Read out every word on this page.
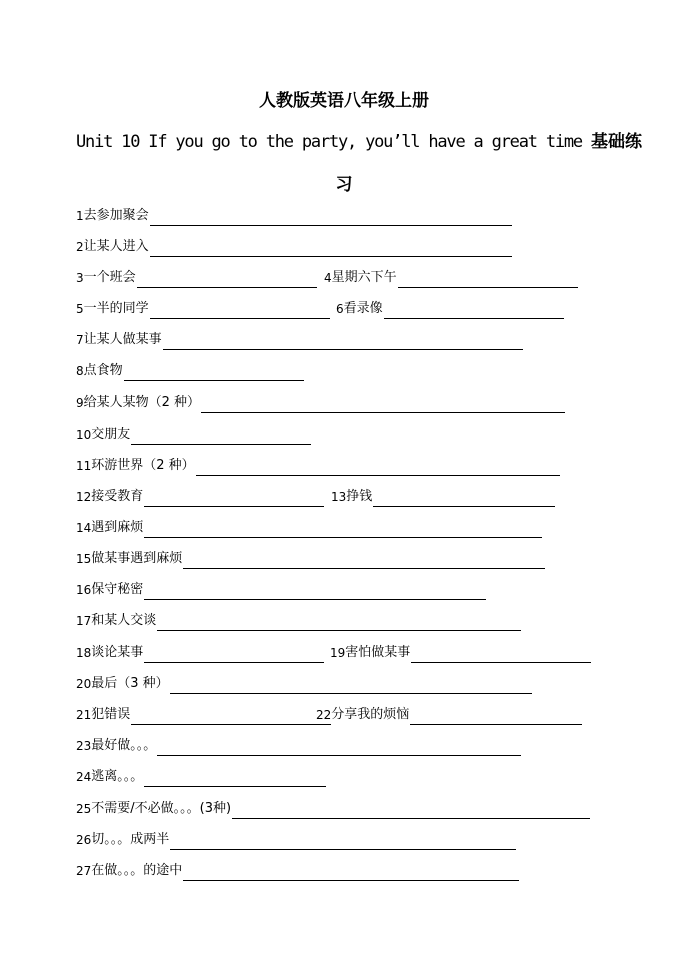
人教版英语八年级上册
Unit 10 If you go to the party, you’ll have a great time 基础练
习
1 去参加聚会
2 让某人进入
3 一个班会	4 星期六下午
5 一半的同学	6 看录像
7 让某人做某事
8 点食物
9 给某人某物（2 种）
10 交朋友
11 环游世界（2 种）
12 接受教育	13 挣钱
14 遇到麻烦
15 做某事遇到麻烦
16 保守秘密
17 和某人交谈
18 谈论某事	19 害怕做某事
20 最后（3 种）
21 犯错误	22 分享我的烦恼
23 最好做。。。
24 逃离。。。
25 不需要/不必做。。。(3种)
26 切。。。成两半
27 在做。。。的途中
